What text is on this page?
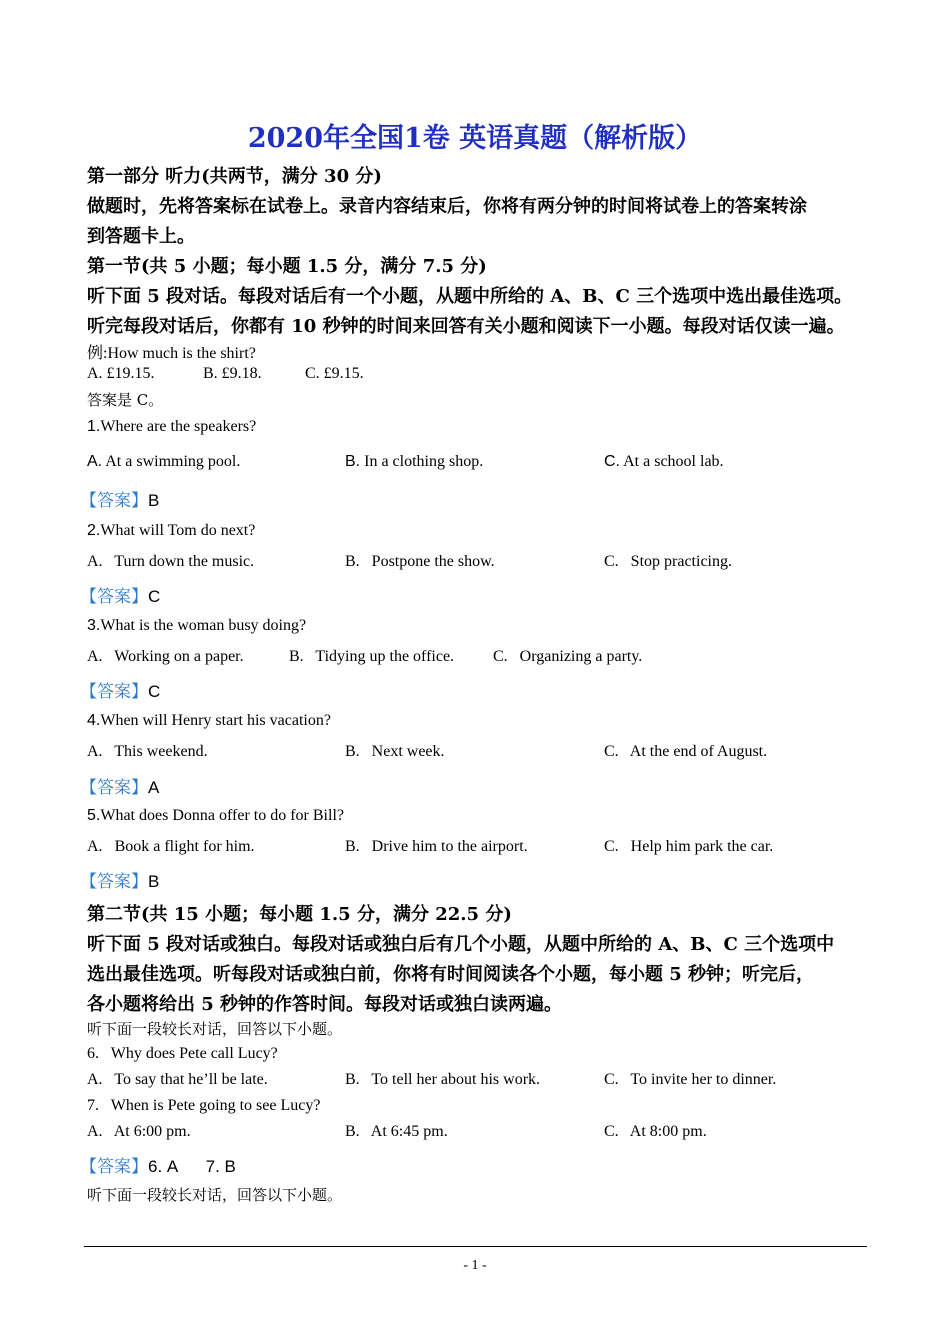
2020年全国1卷 英语真题（解析版）
第一部分 听力(共两节，满分 30 分)
做题时，先将答案标在试卷上。录音内容结束后，你将有两分钟的时间将试卷上的答案转涂
到答题卡上。
第一节(共 5 小题；每小题 1.5 分，满分 7.5 分)
听下面 5 段对话。每段对话后有一个小题，从题中所给的 A、B、C 三个选项中选出最佳选项。
听完每段对话后，你都有 10 秒钟的时间来回答有关小题和阅读下一小题。每段对话仅读一遍。
例:How much is the shirt?
A. £19.15.	B. £9.18.	C. £9.15.
答案是 C。
1.Where are the speakers?
A. At a swimming pool.	B. In a clothing shop.	C. At a school lab.
【答案】B
2.What will Tom do next?
A. Turn down the music.	B. Postpone the show.	C. Stop practicing.
【答案】C
3.What is the woman busy doing?
A. Working on a paper.	B. Tidying up the office. C. Organizing a party.
【答案】C
4.When will Henry start his vacation?
A. This weekend.	B. Next week.	C. At the end of August.
【答案】A
5.What does Donna offer to do for Bill?
A. Book a flight for him.	B. Drive him to the airport.	C. Help him park the car.
【答案】B
第二节(共 15 小题；每小题 1.5 分，满分 22.5 分)
听下面 5 段对话或独白。每段对话或独白后有几个小题，从题中所给的 A、B、C 三个选项中
选出最佳选项。听每段对话或独白前，你将有时间阅读各个小题，每小题 5 秒钟；听完后，
各小题将给出 5 秒钟的作答时间。每段对话或独白读两遍。
听下面一段较长对话，回答以下小题。
6. Why does Pete call Lucy?
A. To say that he’ll be late.	B. To tell her about his work.	C. To invite her to dinner.
7. When is Pete going to see Lucy?
A. At 6:00 pm.	B. At 6:45 pm.	C. At 8:00 pm.
【答案】6. A      7. B
听下面一段较长对话，回答以下小题。
- 1 -
